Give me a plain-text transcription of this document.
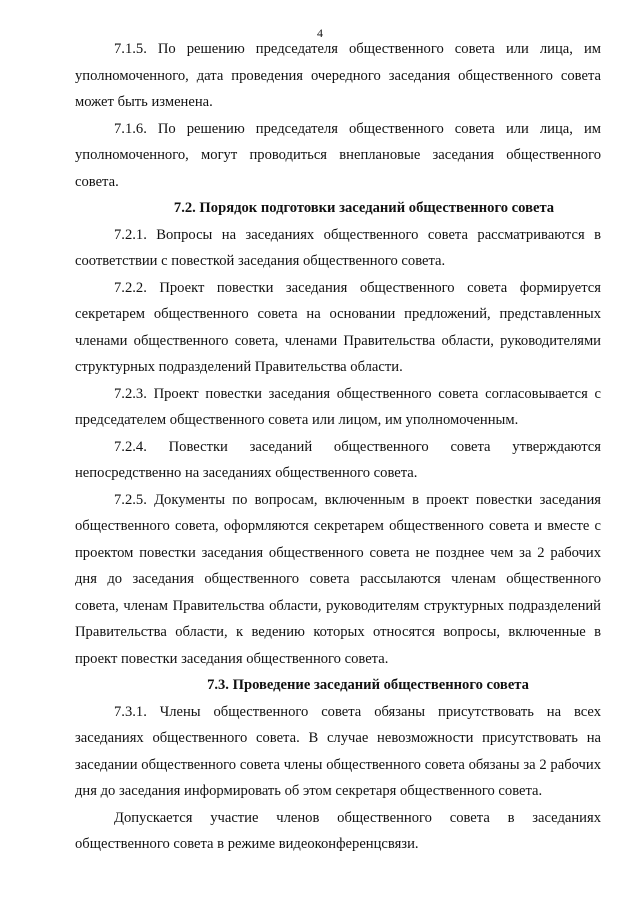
4

7.1.5. По решению председателя общественного совета или лица, им уполномоченного, дата проведения очередного заседания общественного совета может быть изменена.

7.1.6. По решению председателя общественного совета или лица, им уполномоченного, могут проводиться внеплановые заседания общественного совета.

7.2. Порядок подготовки заседаний общественного совета

7.2.1. Вопросы на заседаниях общественного совета рассматриваются в соответствии с повесткой заседания общественного совета.

7.2.2. Проект повестки заседания общественного совета формируется секретарем общественного совета на основании предложений, представленных членами общественного совета, членами Правительства области, руководителями структурных подразделений Правительства области.

7.2.3. Проект повестки заседания общественного совета согласовывается с председателем общественного совета или лицом, им уполномоченным.

7.2.4. Повестки заседаний общественного совета утверждаются непосредственно на заседаниях общественного совета.

7.2.5. Документы по вопросам, включенным в проект повестки заседания общественного совета, оформляются секретарем общественного совета и вместе с проектом повестки заседания общественного совета не позднее чем за 2 рабочих дня до заседания общественного совета рассылаются членам общественного совета, членам Правительства области, руководителям структурных подразделений Правительства области, к ведению которых относятся вопросы, включенные в проект повестки заседания общественного совета.

7.3. Проведение заседаний общественного совета

7.3.1. Члены общественного совета обязаны присутствовать на всех заседаниях общественного совета. В случае невозможности присутствовать на заседании общественного совета члены общественного совета обязаны за 2 рабочих дня до заседания информировать об этом секретаря общественного совета.

Допускается участие членов общественного совета в заседаниях общественного совета в режиме видеоконференцсвязи.
